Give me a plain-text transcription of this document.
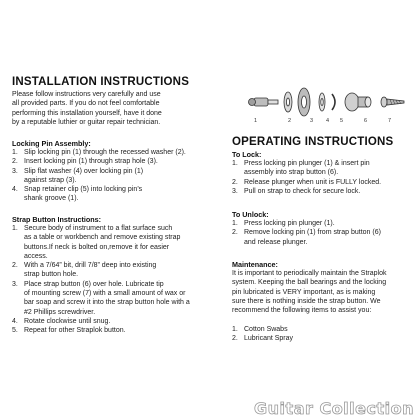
INSTALLATION INSTRUCTIONS
Please follow instructions very carefully and use
all provided parts. If you do not feel comfortable
performing this installation yourself, have it done
by a reputable luthier or guitar repair technician.
Locking Pin Assembly:
1. Slip locking pin (1) through the recessed washer (2).
2. Insert locking pin (1) through strap hole (3).
3. Slip flat washer (4) over locking pin (1)
against strap (3).
4. Snap retainer clip (5) into locking pin’s
shank groove (1).
Strap Button Instructions:
1. Secure body of instrument to a flat surface such
as a table or workbench and remove existing strap
buttons.If neck is bolted on,remove it for easier
access.
2. With a 7/64” bit, drill 7/8” deep into existing
strap button hole.
3. Place strap button (6) over hole. Lubricate tip
of mounting screw (7) with a small amount of wax or
bar soap and screw it into the strap button hole with a
#2 Phillips screwdriver.
4. Rotate clockwise until snug.
5. Repeat for other Straplok button.
1	2	3 4 5	6	7
OPERATING INSTRUCTIONS
To Lock:
1. Press locking pin plunger (1) & insert pin
assembly into strap button (6).
2. Release plunger when unit is FULLY locked.
3. Pull on strap to check for secure lock.
To Unlock:
1. Press locking pin plunger (1).
2. Remove locking pin (1) from strap button (6)
and release plunger.
Maintenance:
It is important to periodically maintain the Straplok
system. Keeping the ball bearings and the locking
pin lubricated is VERY important, as is making
sure there is nothing inside the strap button. We
recommend the following items to assist you:
1. Cotton Swabs
2. Lubricant Spray
Guitar Collection
